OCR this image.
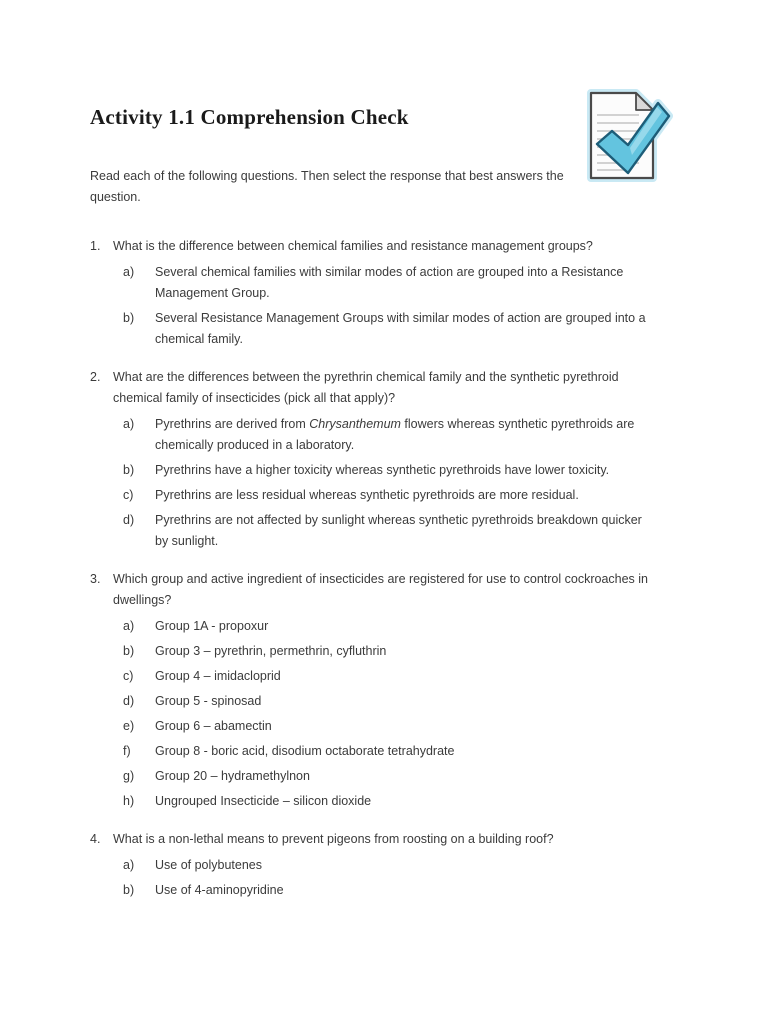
Activity 1.1 Comprehension Check
Read each of the following questions. Then select the response that best answers the
question.
1.	What is the difference between chemical families and resistance management groups?
a)	Several chemical families with similar modes of action are grouped into a Resistance
Management Group.
b)	Several Resistance Management Groups with similar modes of action are grouped into a
chemical family.
2.	What are the differences between the pyrethrin chemical family and the synthetic pyrethroid
chemical family of insecticides (pick all that apply)?
a)	Pyrethrins are derived from Chrysanthemum flowers whereas synthetic pyrethroids are
chemically produced in a laboratory.
b)	Pyrethrins have a higher toxicity whereas synthetic pyrethroids have lower toxicity.
c)	Pyrethrins are less residual whereas synthetic pyrethroids are more residual.
d)	Pyrethrins are not affected by sunlight whereas synthetic pyrethroids breakdown quicker
by sunlight.
3.	Which group and active ingredient of insecticides are registered for use to control cockroaches in
dwellings?
a)	Group 1A - propoxur
b)	Group 3 – pyrethrin, permethrin, cyfluthrin
c)	Group 4 – imidacloprid
d)	Group 5 - spinosad
e)	Group 6 – abamectin
f)	Group 8 - boric acid, disodium octaborate tetrahydrate
g)	Group 20 – hydramethylnon
h)	Ungrouped Insecticide – silicon dioxide
4.	What is a non-lethal means to prevent pigeons from roosting on a building roof?
a)	Use of polybutenes
b)	Use of 4-aminopyridine
